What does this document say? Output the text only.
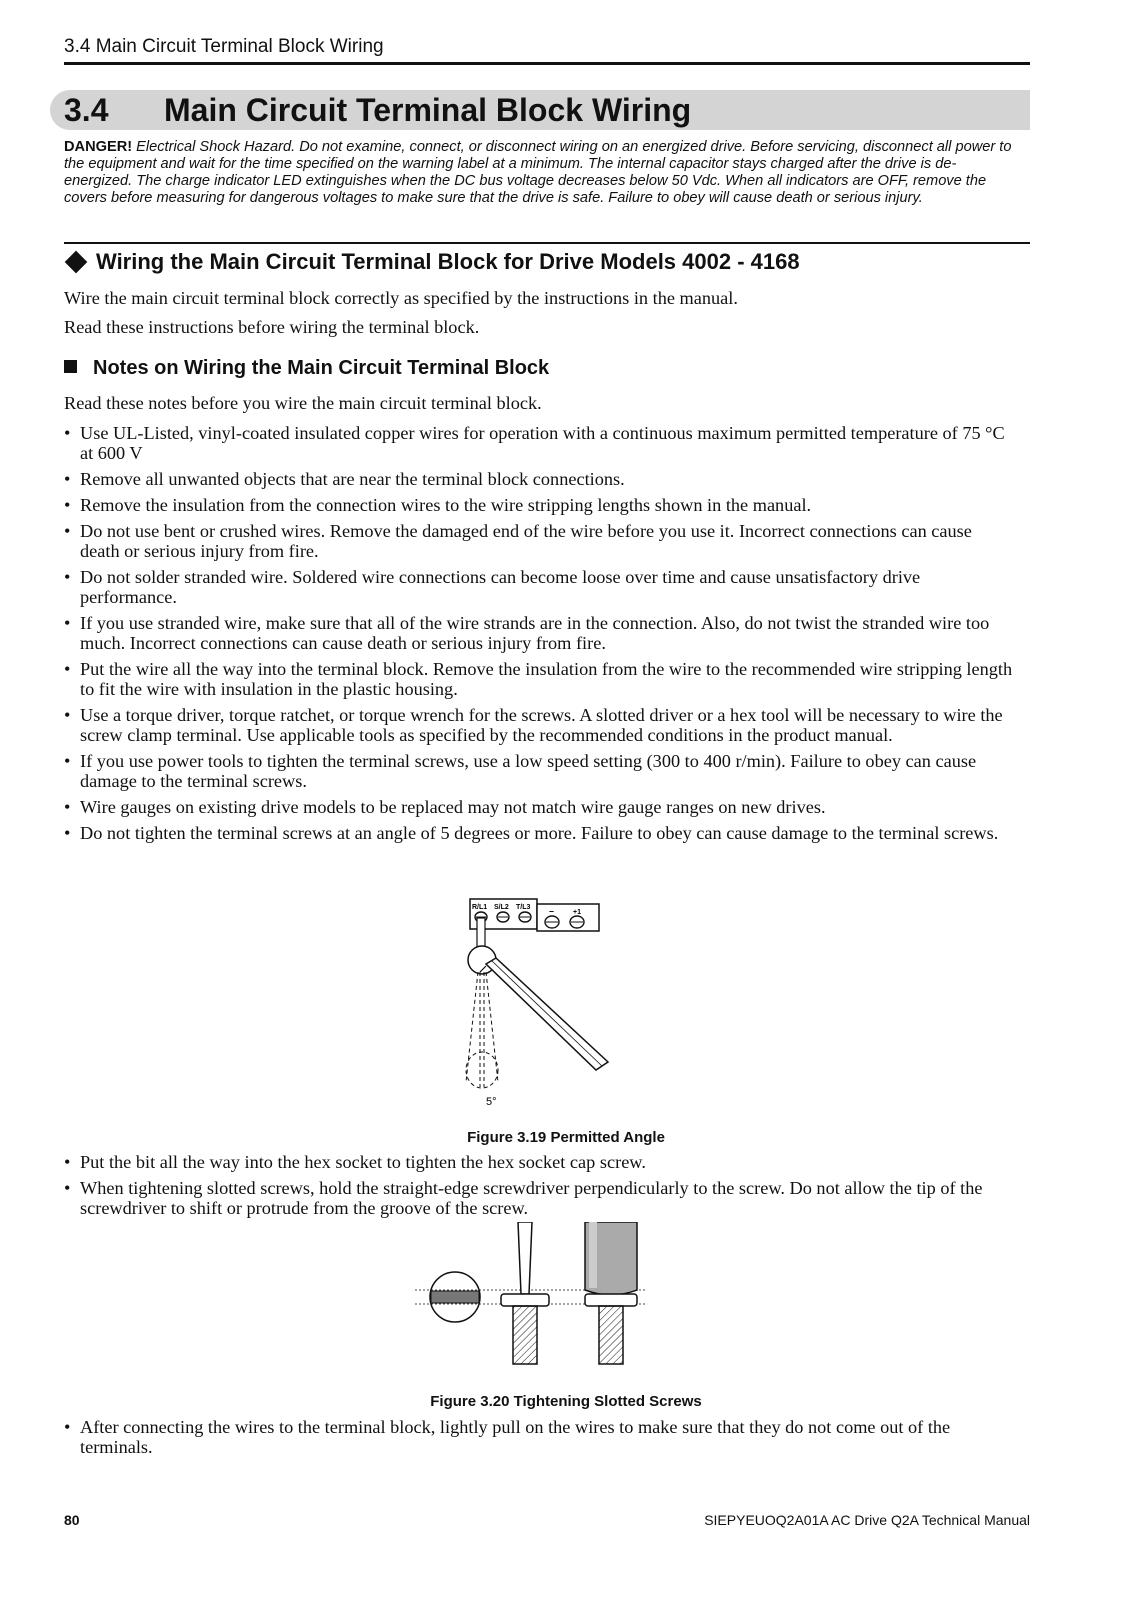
3.4 Main Circuit Terminal Block Wiring
3.4 Main Circuit Terminal Block Wiring
DANGER! Electrical Shock Hazard. Do not examine, connect, or disconnect wiring on an energized drive. Before servicing, disconnect all power to the equipment and wait for the time specified on the warning label at a minimum. The internal capacitor stays charged after the drive is de-energized. The charge indicator LED extinguishes when the DC bus voltage decreases below 50 Vdc. When all indicators are OFF, remove the covers before measuring for dangerous voltages to make sure that the drive is safe. Failure to obey will cause death or serious injury.
Wiring the Main Circuit Terminal Block for Drive Models 4002 - 4168
Wire the main circuit terminal block correctly as specified by the instructions in the manual.
Read these instructions before wiring the terminal block.
Notes on Wiring the Main Circuit Terminal Block
Read these notes before you wire the main circuit terminal block.
• Use UL-Listed, vinyl-coated insulated copper wires for operation with a continuous maximum permitted temperature of 75 °C at 600 V
• Remove all unwanted objects that are near the terminal block connections.
• Remove the insulation from the connection wires to the wire stripping lengths shown in the manual.
• Do not use bent or crushed wires. Remove the damaged end of the wire before you use it. Incorrect connections can cause death or serious injury from fire.
• Do not solder stranded wire. Soldered wire connections can become loose over time and cause unsatisfactory drive performance.
• If you use stranded wire, make sure that all of the wire strands are in the connection. Also, do not twist the stranded wire too much. Incorrect connections can cause death or serious injury from fire.
• Put the wire all the way into the terminal block. Remove the insulation from the wire to the recommended wire stripping length to fit the wire with insulation in the plastic housing.
• Use a torque driver, torque ratchet, or torque wrench for the screws. A slotted driver or a hex tool will be necessary to wire the screw clamp terminal. Use applicable tools as specified by the recommended conditions in the product manual.
• If you use power tools to tighten the terminal screws, use a low speed setting (300 to 400 r/min). Failure to obey can cause damage to the terminal screws.
• Wire gauges on existing drive models to be replaced may not match wire gauge ranges on new drives.
• Do not tighten the terminal screws at an angle of 5 degrees or more. Failure to obey can cause damage to the terminal screws.
R/L1 S/L2 T/L3 –	+1
5°
Figure 3.19 Permitted Angle
• Put the bit all the way into the hex socket to tighten the hex socket cap screw.
• When tightening slotted screws, hold the straight-edge screwdriver perpendicularly to the screw. Do not allow the tip of the screwdriver to shift or protrude from the groove of the screw.
Figure 3.20 Tightening Slotted Screws
• After connecting the wires to the terminal block, lightly pull on the wires to make sure that they do not come out of the terminals.
80	SIEPYEUOQ2A01A AC Drive Q2A Technical Manual
